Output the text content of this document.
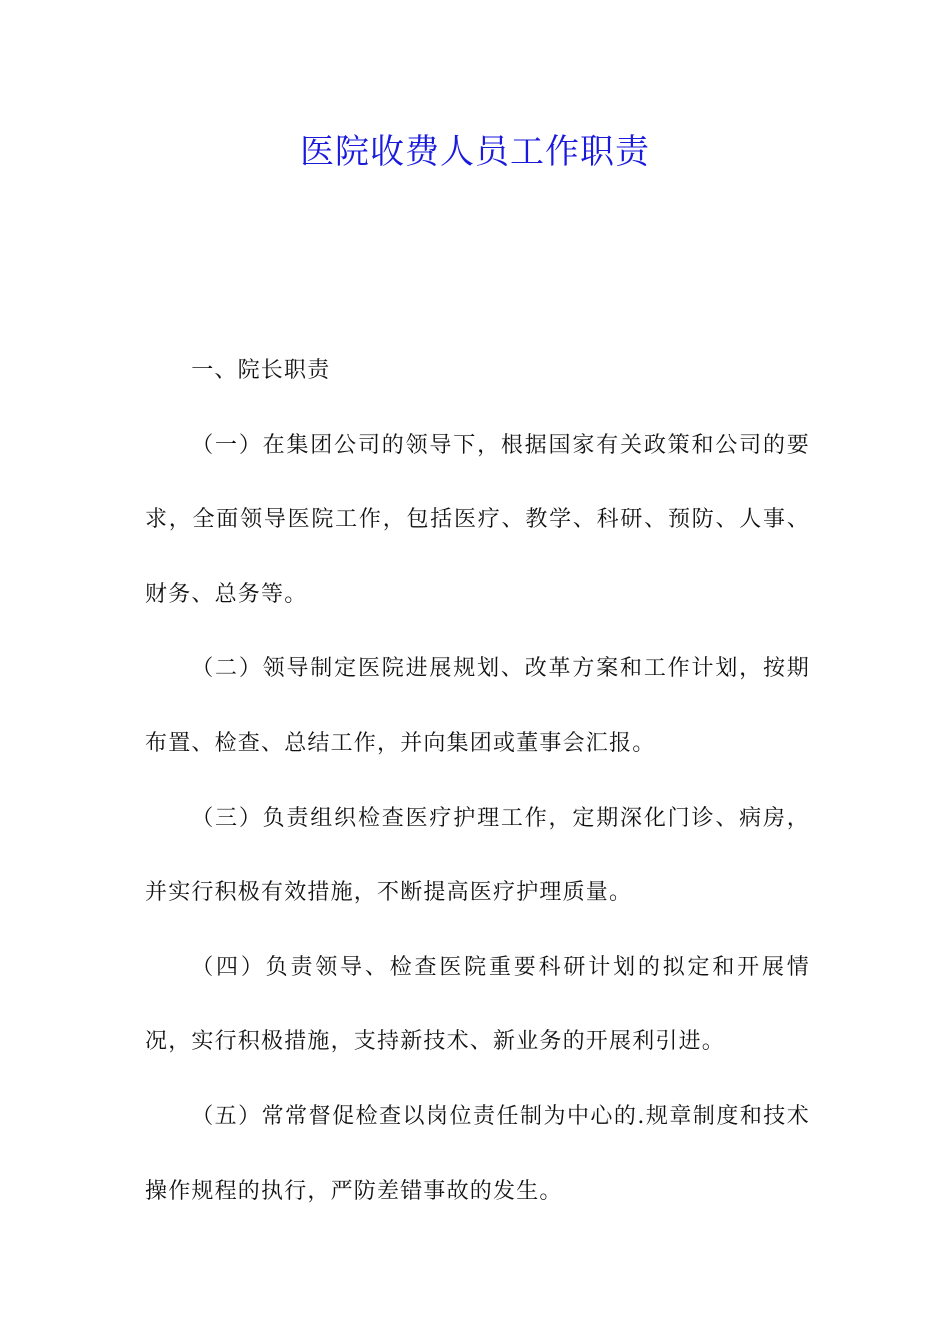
医院收费人员工作职责

一、院长职责

（一）在集团公司的领导下，根据国家有关政策和公司的要求，全面领导医院工作，包括医疗、教学、科研、预防、人事、财务、总务等。

（二）领导制定医院进展规划、改革方案和工作计划，按期布置、检查、总结工作，并向集团或董事会汇报。

（三）负责组织检查医疗护理工作，定期深化门诊、病房，并实行积极有效措施，不断提高医疗护理质量。

（四）负责领导、检查医院重要科研计划的拟定和开展情况，实行积极措施，支持新技术、新业务的开展利引进。

（五）常常督促检查以岗位责任制为中心的.规章制度和技术操作规程的执行，严防差错事故的发生。
